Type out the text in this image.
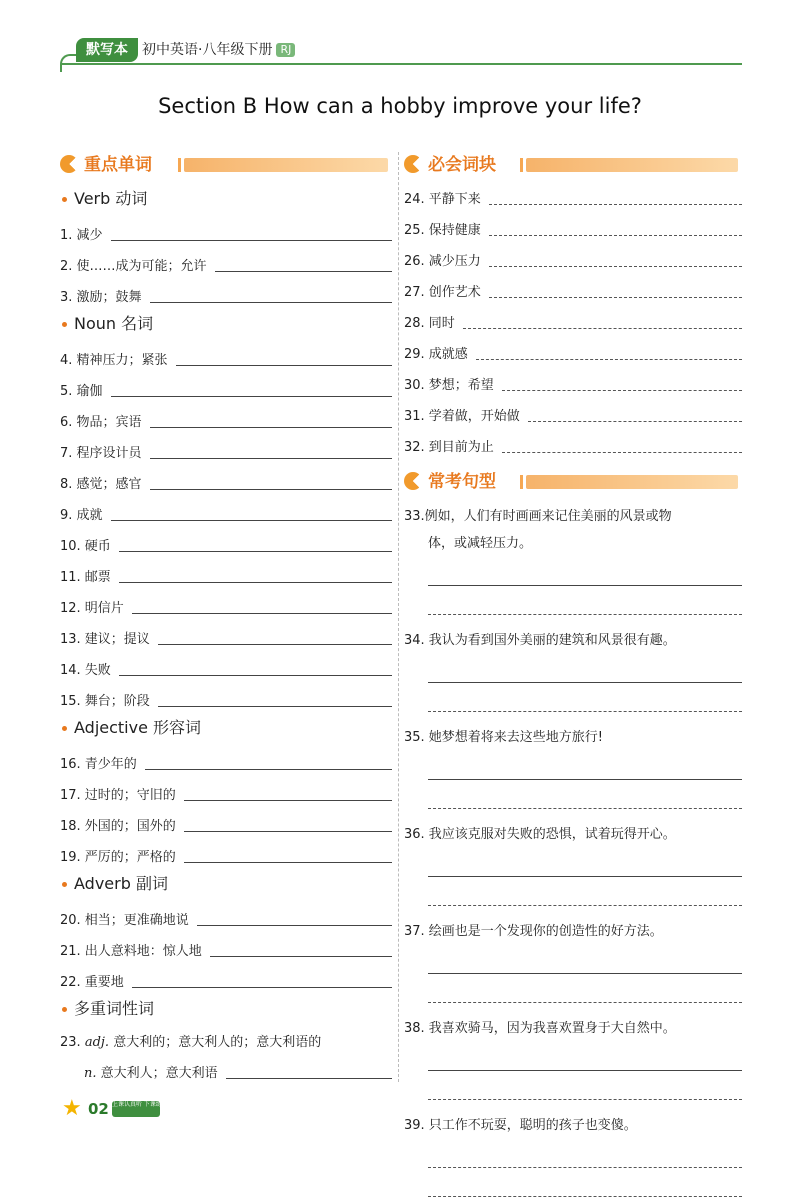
默写本	初中英语·八年级下册 RJ
Section B How can a hobby improve your life?
重点单词
Verb 动词
1. 减少
2. 使……成为可能；允许
3. 激励；鼓舞
Noun 名词
4. 精神压力；紧张
5. 瑜伽
6. 物品；宾语
7. 程序设计员
8. 感觉；感官
9. 成就
10. 硬币
11. 邮票
12. 明信片
13. 建议；提议
14. 失败
15. 舞台；阶段
Adjective 形容词
16. 青少年的
17. 过时的；守旧的
18. 外国的；国外的
19. 严厉的；严格的
Adverb 副词
20. 相当；更准确地说
21. 出人意料地：惊人地
22. 重要地
多重词性词
23. adj. 意大利的；意大利人的；意大利语的
n. 意大利人；意大利语
必会词块
24. 平静下来
25. 保持健康
26. 减少压力
27. 创作艺术
28. 同时
29. 成就感
30. 梦想；希望
31. 学着做，开始做
32. 到目前为止
常考句型
33.例如，人们有时画画来记住美丽的风景或物
体，或减轻压力。
34. 我认为看到国外美丽的建筑和风景很有趣。
35. 她梦想着将来去这些地方旅行!
36. 我应该克服对失败的恐惧，试着玩得开心。
37. 绘画也是一个发现你的创造性的好方法。
38. 我喜欢骑马，因为我喜欢置身于大自然中。
39. 只工作不玩耍，聪明的孩子也变傻。
★ 02 上课认真听 下课练大题
